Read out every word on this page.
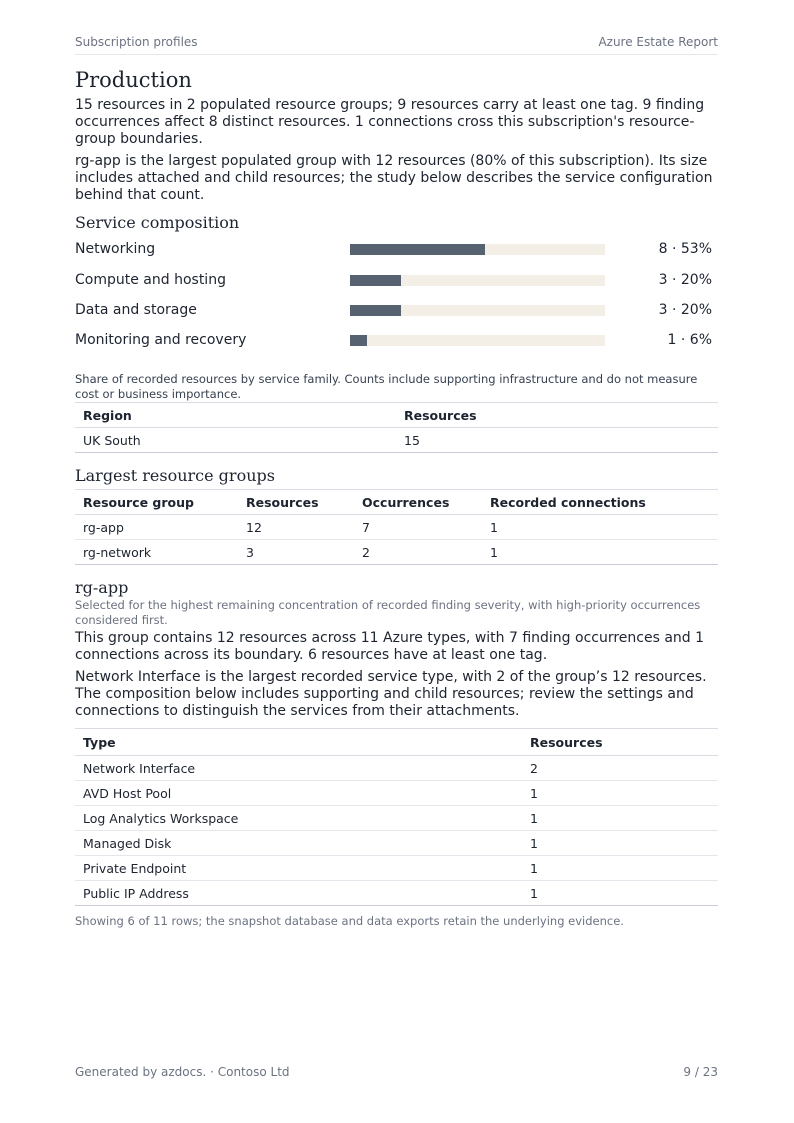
Subscription profiles	Azure Estate Report
Production

15 resources in 2 populated resource groups; 9 resources carry at least one tag. 9 finding occurrences affect 8 distinct resources. 1 connections cross this subscription's resource-group boundaries.

rg-app is the largest populated group with 12 resources (80% of this subscription). Its size includes attached and child resources; the study below describes the service configuration behind that count.

Service composition
Networking	8 · 53%
Compute and hosting	3 · 20%
Data and storage	3 · 20%
Monitoring and recovery	1 · 6%

Share of recorded resources by service family. Counts include supporting infrastructure and do not measure cost or business importance.

Region	Resources
UK South	15
Largest resource groups
Resource group	Resources	Occurrences	Recorded connections
rg-app	12	7	1
rg-network	3	2	1
rg-app

Selected for the highest remaining concentration of recorded finding severity, with high-priority occurrences considered first.

This group contains 12 resources across 11 Azure types, with 7 finding occurrences and 1 connections across its boundary. 6 resources have at least one tag.

Network Interface is the largest recorded service type, with 2 of the group’s 12 resources. The composition below includes supporting and child resources; review the settings and connections to distinguish the services from their attachments.

Type	Resources
Network Interface	2
AVD Host Pool	1
Log Analytics Workspace	1
Managed Disk	1
Private Endpoint	1
Public IP Address	1

Showing 6 of 11 rows; the snapshot database and data exports retain the underlying evidence.

Generated by azdocs. · Contoso Ltd	9 / 23
